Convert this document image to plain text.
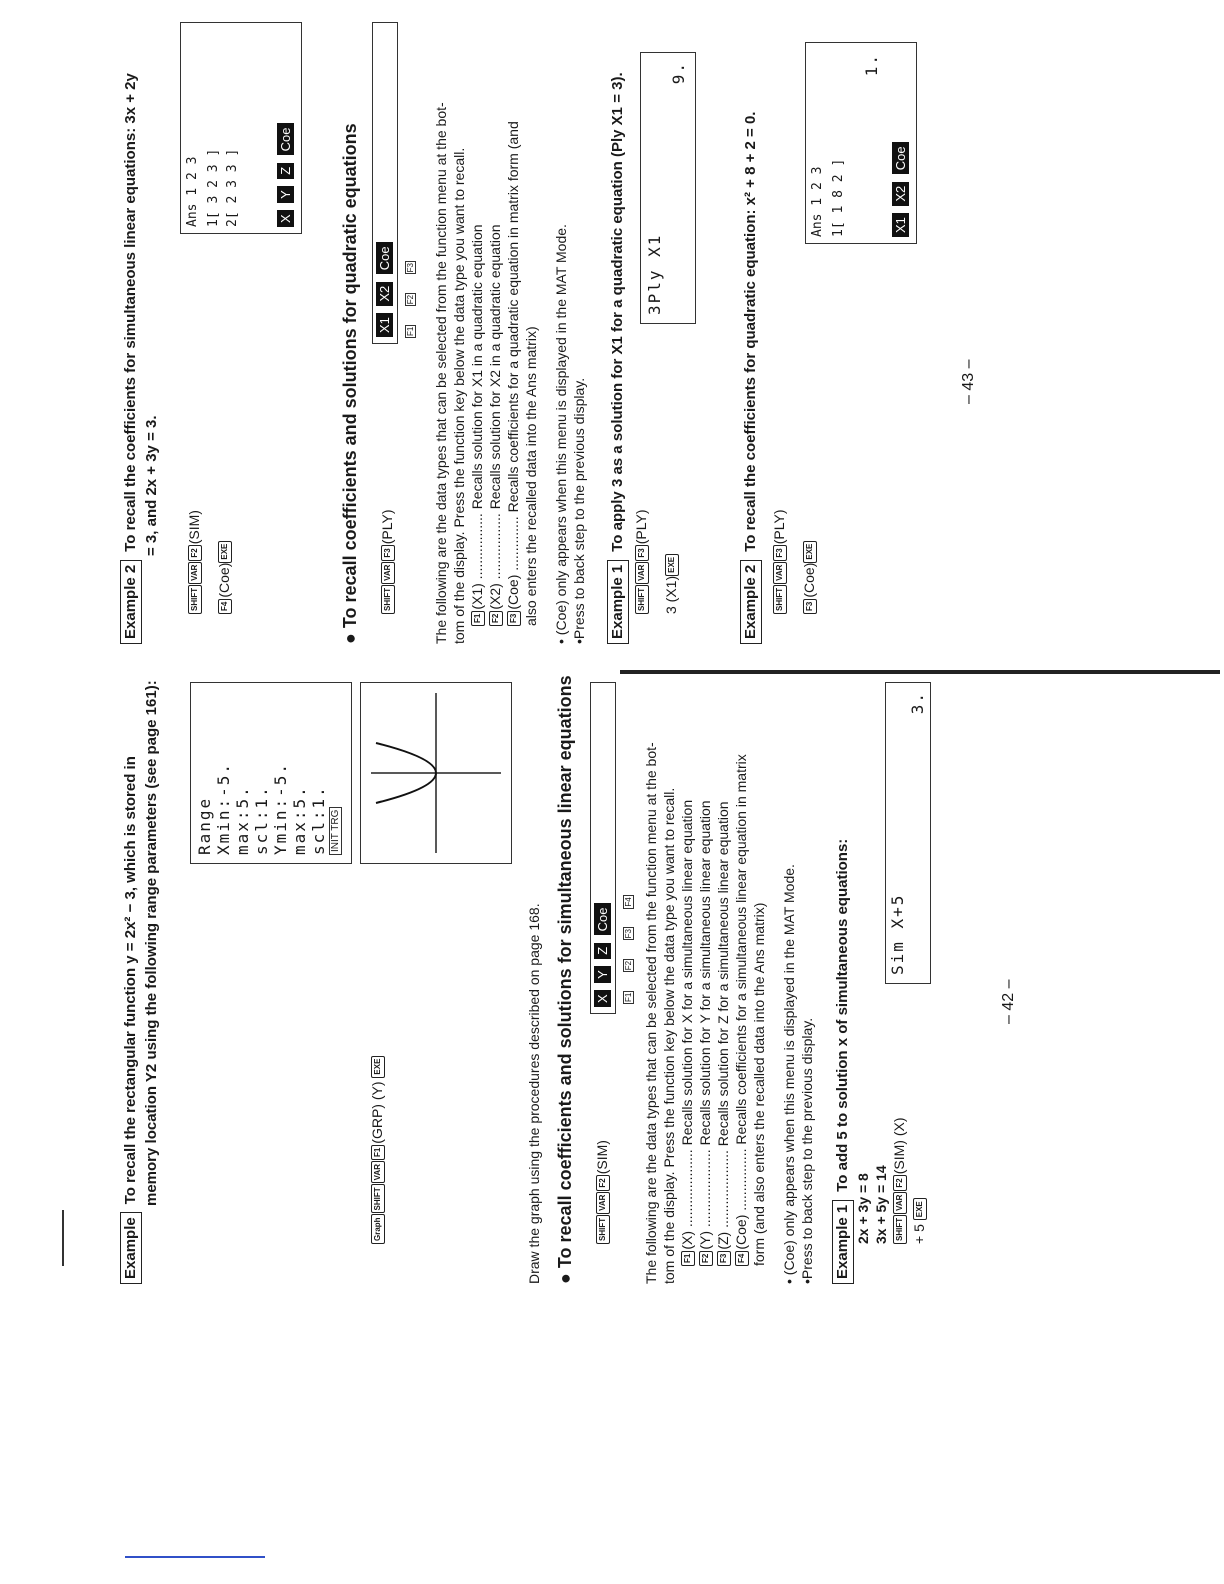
ExampleTo recall the rectangular function y = 2x² − 3, which is stored in memory location Y2 using the following range parameters (see page 161): Range Xmin:-5. max:5. scl:1. Ymin:-5. max:5. scl:1. INIT TRG
GraphSHIFTVARF1(GRP) (Y) EXE	Draw the graph using the procedures described on page 168. ● To recall coefficients and solutions for simultaneous linear equations	SHIFTVARF2(SIM)
X Y Z Coe
F1 F2 F3 F4 The following are the data types that can be selected from the function menu at the bot- tom of the display. Press the function key below the data type you want to recall. F1(X) .................... Recalls solution for X for a simultaneous linear equation
F2(Y) .................... Recalls solution for Y for a simultaneous linear equation
F3(Z) .................... Recalls solution for Z for a simultaneous linear equation
F4(Coe) ................ Recalls coefficients for a simultaneous linear equation in matrix form (and also enters the recalled data into the Ans matrix) • (Coe) only appears when this menu is displayed in the MAT Mode. •Press to back step to the previous display. Example 1To add 5 to solution x of simultaneous equations:
2x + 3y = 8 3x + 5y = 14 SHIFTVARF2(SIM) (X)
+ 5 EXE
Sim X+5
3.
– 42 –
Example 2To recall the coefficients for simultaneous linear equations: 3x + 2y = 3, and 2x + 3y = 3.
SHIFTVARF2(SIM)
F4(Coe)EXE
Ans 1 2 3 1[ 3 2 3 ] 2[ 2 3 3 ]	X Y Z Coe	● To recall coefficients and solutions for quadratic equations	SHIFTVARF3(PLY)
X1 X2 Coe
F1 F2 F3 The following are the data types that can be selected from the function menu at the bot- tom of the display. Press the function key below the data type you want to recall. F1(X1) ................. Recalls solution for X1 in a quadratic equation
F2(X2) ................. Recalls solution for X2 in a quadratic equation
F3(Coe) .............. Recalls coefficients for a quadratic equation in matrix form (and also enters the recalled data into the Ans matrix) • (Coe) only appears when this menu is displayed in the MAT Mode. •Press to back step to the previous display. Example 1To apply 3 as a solution for X1 for a quadratic equation (Ply X1 = 3).
SHIFTVARF3(PLY)
3 (X1)EXE
3Ply X1
9.
Example 2To recall the coefficients for quadratic equation: x² + 8 + 2 = 0.
SHIFTVARF3(PLY)
F3(Coe)EXE
Ans 1 2 3 1[ 1 8 2 ]
1.
X1 X2 Coe
– 43 –
